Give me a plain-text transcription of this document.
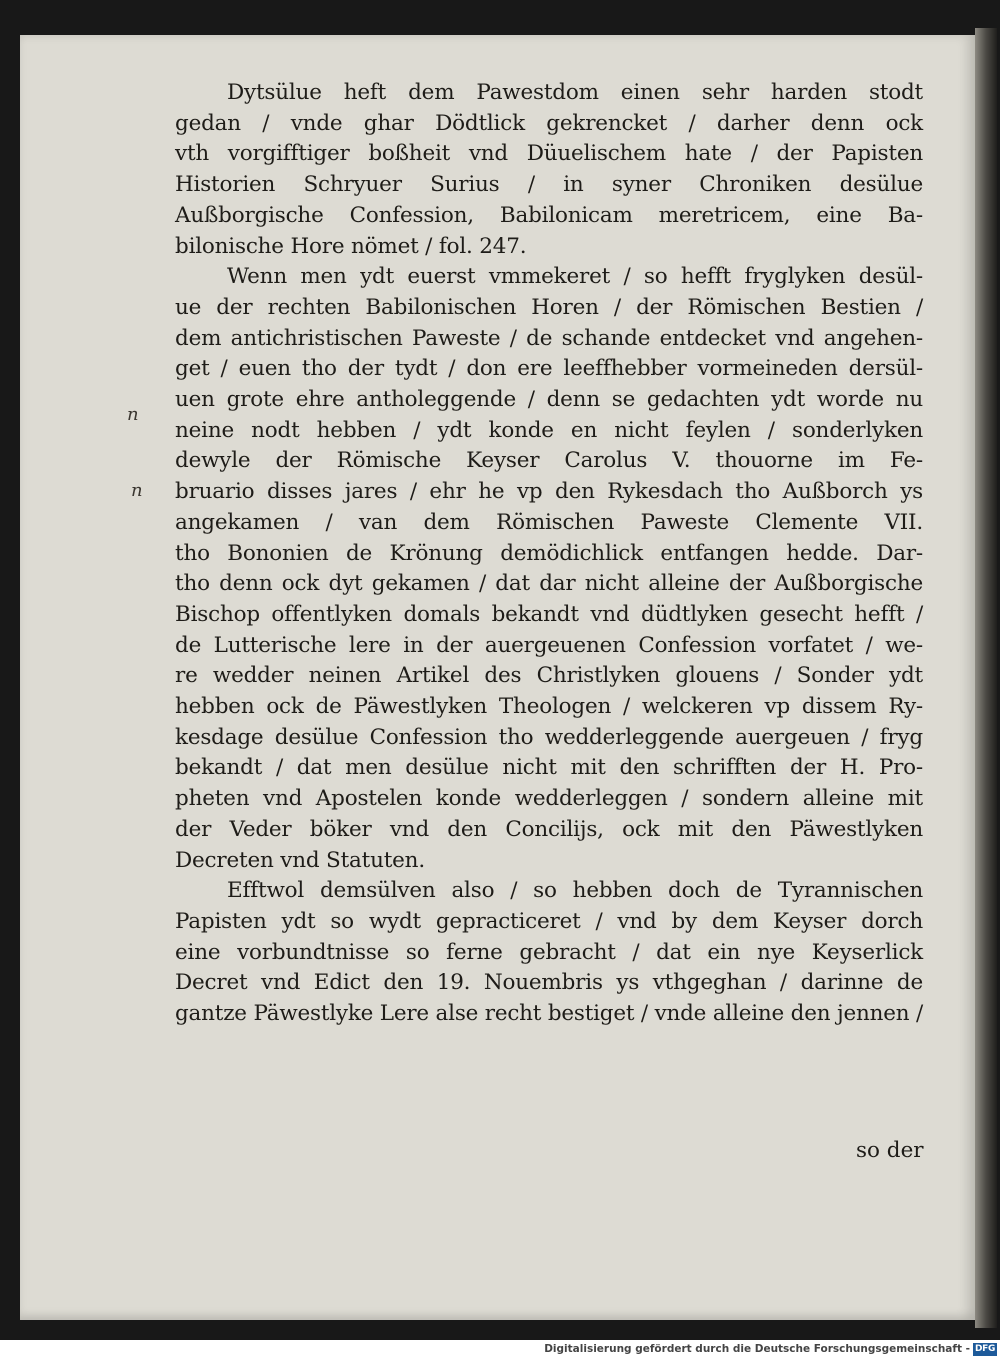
Dytsülue heft dem Pawestdom einen sehr harden stodt
gedan / vnde ghar Dödtlick gekrencket / darher denn ock
vth vorgifftiger boßheit vnd Düuelischem hate / der Papisten
Historien Schryuer Surius / in syner Chroniken desülue
Außborgische Confession, Babilonicam meretricem, eine Ba-
bilonische Hore nömet / fol. 247.

Wenn men ydt euerst vmmekeret / so hefft fryglyken desül-
ue der rechten Babilonischen Horen / der Römischen Bestien /
dem antichristischen Paweste / de schande entdecket vnd angehen-
get / euen tho der tydt / don ere leeffhebber vormeineden dersül-
uen grote ehre antholeggende / denn se gedachten ydt worde nu
neine nodt hebben / ydt konde en nicht feylen / sonderlyken
dewyle der Römische Keyser Carolus V. thouorne im Fe-
bruario disses jares / ehr he vp den Rykesdach tho Außborch ys
angekamen / van dem Römischen Paweste Clemente VII.
tho Bononien de Krönung demödichlick entfangen hedde. Dar-
tho denn ock dyt gekamen / dat dar nicht alleine der Außborgische
Bischop offentlyken domals bekandt vnd düdtlyken gesecht hefft /
de Lutterische lere in der auergeuenen Confession vorfatet / we-
re wedder neinen Artikel des Christlyken glouens / Sonder ydt
hebben ock de Päwestlyken Theologen / welckeren vp dissem Ry-
kesdage desülue Confession tho wedderleggende auergeuen / fryg
bekandt / dat men desülue nicht mit den schrifften der H. Pro-
pheten vnd Apostelen konde wedderleggen / sondern alleine mit
der Veder böker vnd den Concilijs, ock mit den Päwestlyken
Decreten vnd Statuten.

Efftwol demsülven also / so hebben doch de Tyrannischen
Papisten ydt so wydt gepracticeret / vnd by dem Keyser dorch
eine vorbundtnisse so ferne gebracht / dat ein nye Keyserlick
Decret vnd Edict den 19. Nouembris ys vthgeghan / darinne de
gantze Päwestlyke Lere alse recht bestiget / vnde alleine den jennen /

n
n
so der
Digitalisierung gefördert durch die Deutsche Forschungsgemeinschaft - DFG
